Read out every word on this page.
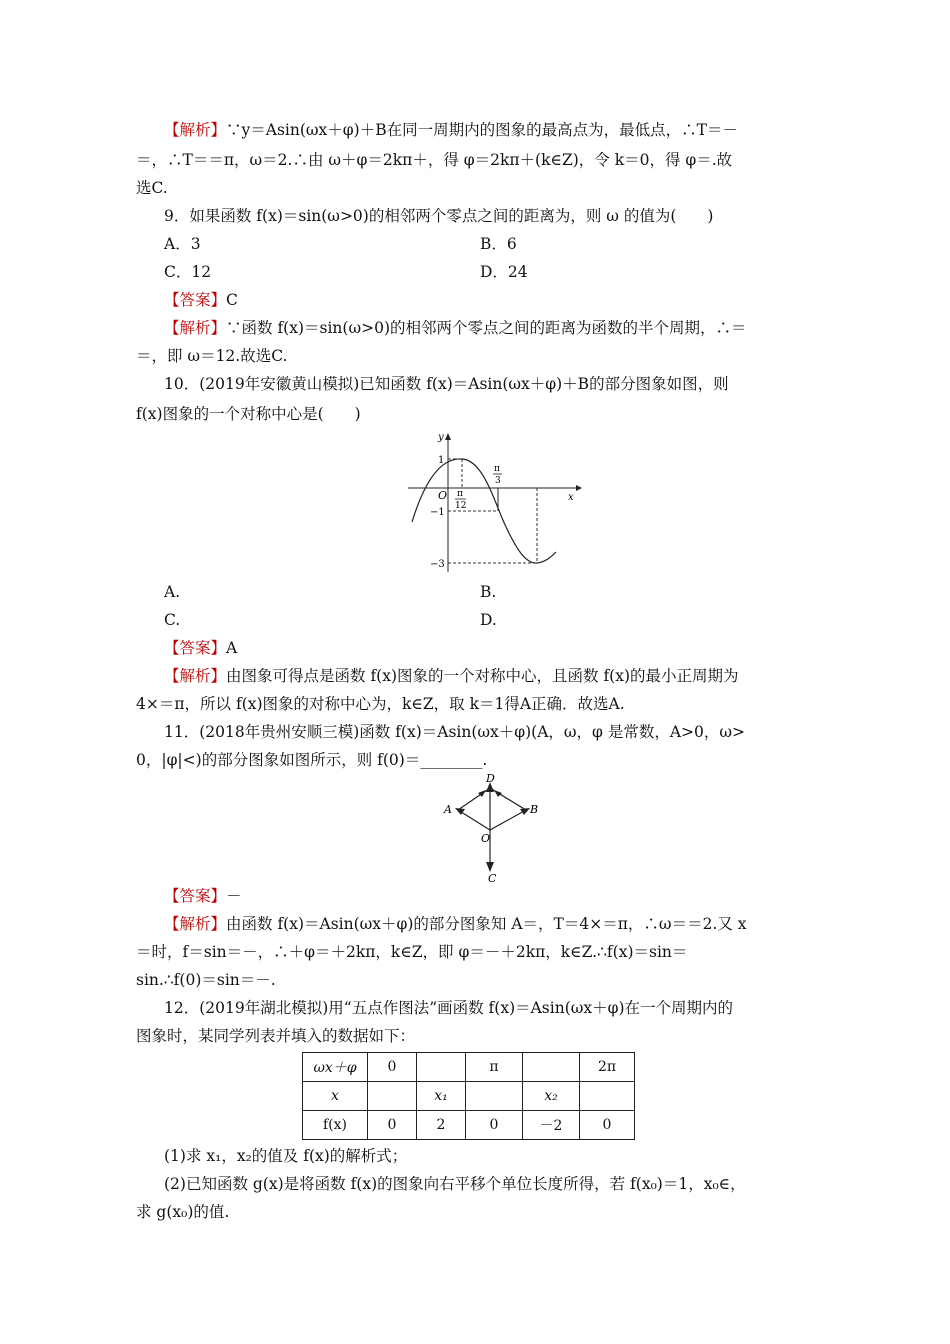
【解析】∵y＝Asin(ωx＋φ)＋B在同一周期内的图象的最高点为，最低点，∴T＝－
＝，∴T＝＝π，ω＝2.∴由 ω＋φ＝2kπ＋，得 φ＝2kπ＋(k∈Z)，令 k＝0，得 φ＝.故
选C.
9．如果函数 f(x)＝sin(ω>0)的相邻两个零点之间的距离为，则 ω 的值为(　　)
A．3	B．6
C．12	D．24
【答案】C
【解析】∵函数 f(x)＝sin(ω>0)的相邻两个零点之间的距离为函数的半个周期，∴＝
＝，即 ω＝12.故选C.
10．(2019年安徽黄山模拟)已知函数 f(x)＝Asin(ωx＋φ)＋B的部分图象如图，则
f(x)图象的一个对称中心是(　　)
y
x
O
1
−1
−3
π
12
π
3
A.	B.
C.	D.
【答案】A
【解析】由图象可得点是函数 f(x)图象的一个对称中心，且函数 f(x)的最小正周期为
4×＝π，所以 f(x)图象的对称中心为，k∈Z，取 k＝1得A正确．故选A.
11．(2018年贵州安顺三模)函数 f(x)＝Asin(ωx＋φ)(A，ω，φ 是常数，A>0，ω>
0，|φ|<)的部分图象如图所示，则 f(0)＝________.
D
A	B
O
C
【答案】－
【解析】由函数 f(x)＝Asin(ωx＋φ)的部分图象知 A＝，T＝4×＝π，∴ω＝＝2.又 x
＝时，f＝sin＝－，∴＋φ＝＋2kπ，k∈Z，即 φ＝－＋2kπ，k∈Z.∴f(x)＝sin＝
sin.∴f(0)＝sin＝－.
12．(2019年湖北模拟)用“五点作图法”画函数 f(x)＝Asin(ωx＋φ)在一个周期内的
图象时，某同学列表并填入的数据如下：
ωx＋φ	0		π		2π
x		x₁		x₂	
f(x)	0	2	0	－2	0
(1)求 x₁，x₂的值及 f(x)的解析式；
(2)已知函数 g(x)是将函数 f(x)的图象向右平移个单位长度所得，若 f(x₀)＝1，x₀∈，
求 g(x₀)的值.
